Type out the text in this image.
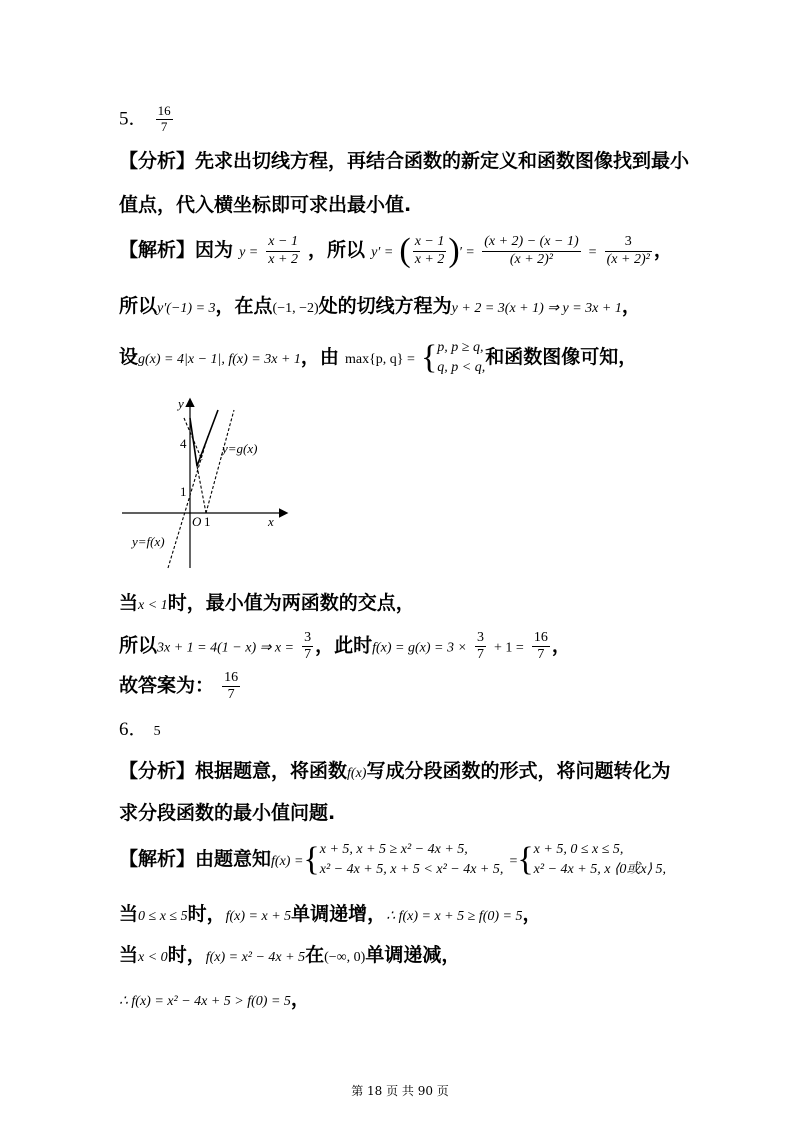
5． $\frac{16}{7}$
【分析】先求出切线方程，再结合函数的新定义和函数图像找到最小
值点，代入横坐标即可求出最小值.
【解析】因为 $y = \frac{x - 1}{x + 2}$ ，所以 y′ = ( $\frac{x - 1}{x + 2}$ )′ = $\frac{(x + 2) - (x - 1)}{\text{(x + 2)²}} = \frac{3}{\text{(x + 2)²}}$ ，
所以y′(−1) = 3，在点(−1, −2)处的切线方程为y + 2 = 3(x + 1) ⇒ y = 3x + 1，
设g(x) = 4|x − 1|, f(x) = 3x + 1，由 max{p, q} = { p, p ≥ q,
q, p < q, 和函数图像可知，
y
x
O 1
1
4	y=g(x)
y=f(x)
当x < 1时，最小值为两函数的交点，
所以3x + 1 = 4(1 − x) ⇒ $x = \frac{3}{7}$ ，此时$f(x) = g(x) = 3 \times \frac{3}{7} + 1 = \frac{16}{7}$ ，
故答案为： $\frac{16}{7}$
6． 5
【分析】根据题意，将函数f(x)写成分段函数的形式，将问题转化为
求分段函数的最小值问题.
【解析】由题意知f(x) ={ x + 5, x + 5 ≥ x² − 4x + 5,
x² − 4x + 5, x + 5 < x² − 4x + 5,
={ x + 5, 0 ≤ x ≤ 5,
x² − 4x + 5, x ⟨0或x⟩ 5,
当0 ≤ x ≤ 5时，f(x) = x + 5单调递增，∴ f(x) = x + 5 ≥ f(0) = 5，
当x < 0时，f(x) = x² − 4x + 5在(−∞, 0)单调递减，
∴ f(x) = x² − 4x + 5 > f(0) = 5，
第 18 页 共 90 页
